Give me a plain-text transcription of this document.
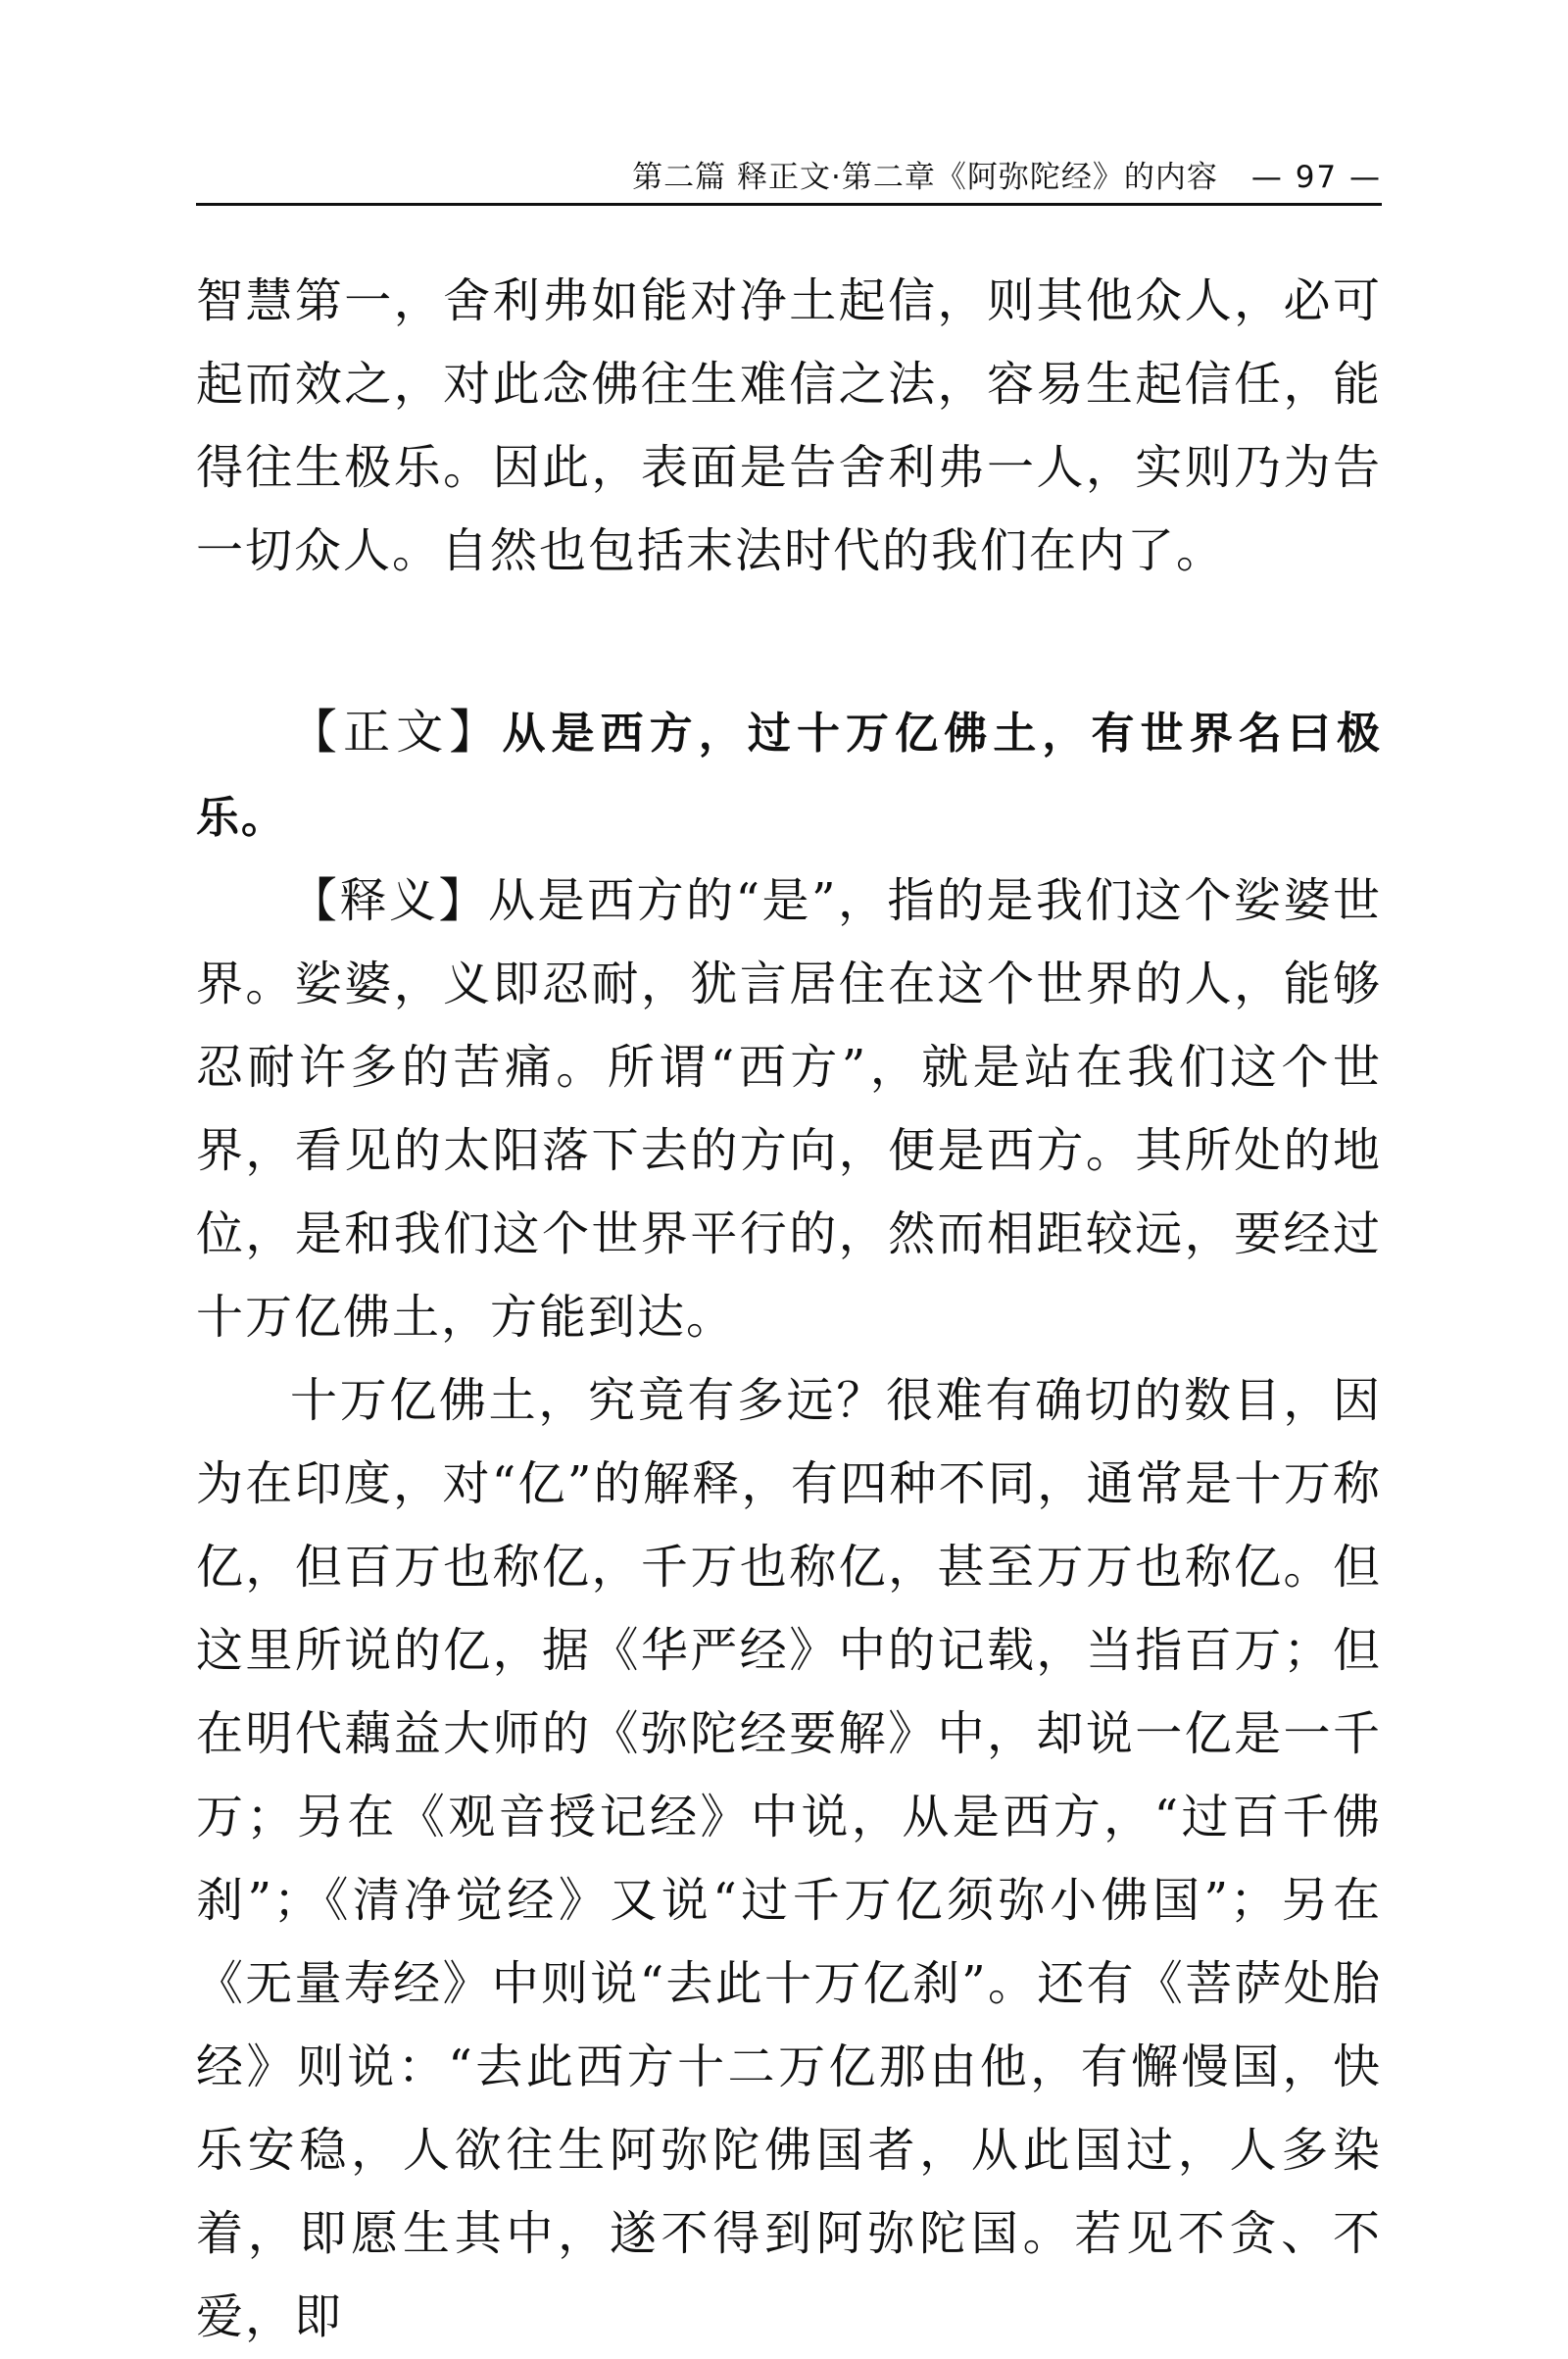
第二篇 释正文·第二章《阿弥陀经》的内容 — 97 —

智慧第一，舍利弗如能对净土起信，则其他众人，必可起而效之，对此念佛往生难信之法，容易生起信任，能得往生极乐。因此，表面是告舍利弗一人，实则乃为告一切众人。自然也包括末法时代的我们在内了。

【正文】从是西方，过十万亿佛土，有世界名曰极乐。

【释义】从是西方的“是”，指的是我们这个娑婆世界。娑婆，义即忍耐，犹言居住在这个世界的人，能够忍耐许多的苦痛。所谓“西方”，就是站在我们这个世界，看见的太阳落下去的方向，便是西方。其所处的地位，是和我们这个世界平行的，然而相距较远，要经过十万亿佛土，方能到达。

十万亿佛土，究竟有多远？很难有确切的数目，因为在印度，对“亿”的解释，有四种不同，通常是十万称亿，但百万也称亿，千万也称亿，甚至万万也称亿。但这里所说的亿，据《华严经》中的记载，当指百万；但在明代藕益大师的《弥陀经要解》中，却说一亿是一千万；另在《观音授记经》中说，从是西方，“过百千佛刹”；《清净觉经》又说“过千万亿须弥小佛国”；另在《无量寿经》中则说“去此十万亿刹”。还有《菩萨处胎经》则说：“去此西方十二万亿那由他，有懈慢国，快乐安稳，人欲往生阿弥陀佛国者，从此国过，人多染着，即愿生其中，遂不得到阿弥陀国。若见不贪、不爱，即
